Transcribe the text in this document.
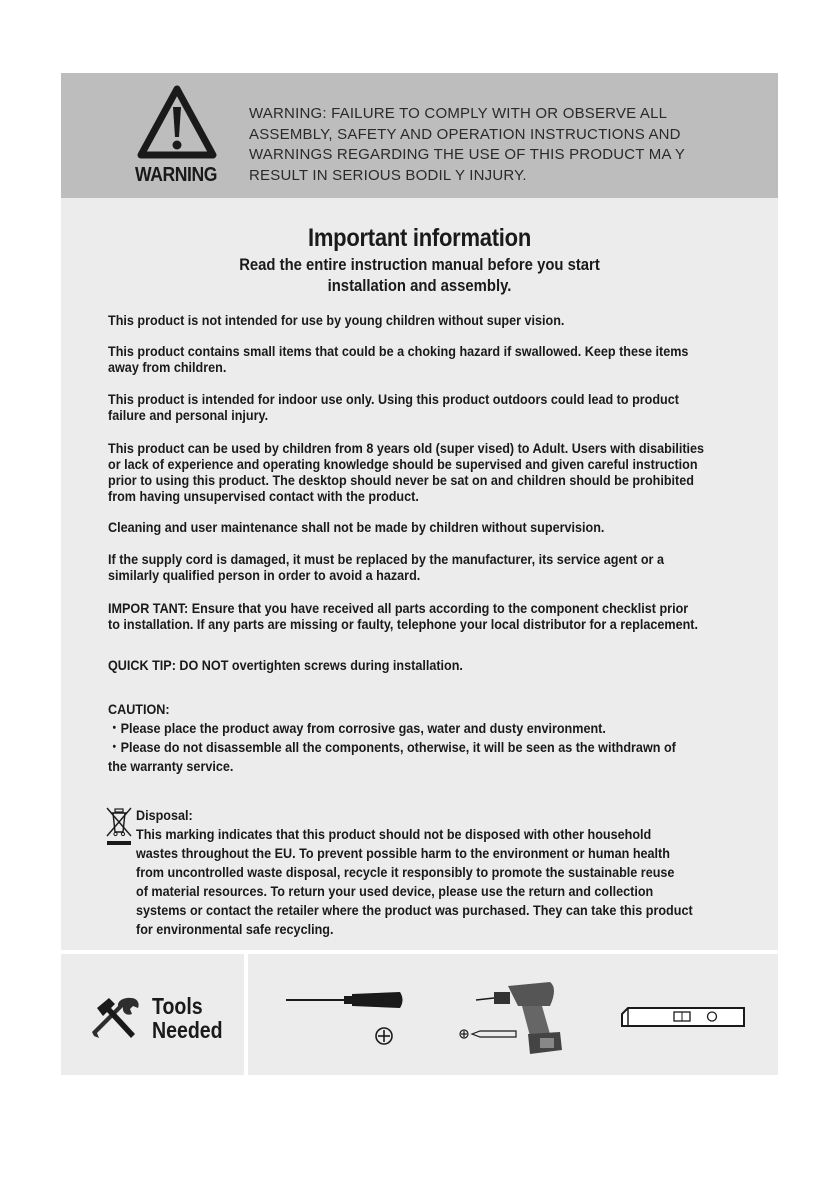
WARNING
WARNING: FAILURE TO COMPLY WITH OR OBSERVE ALL
ASSEMBLY, SAFETY AND OPERATION INSTRUCTIONS AND
WARNINGS REGARDING THE USE OF THIS PRODUCT MA Y
RESULT IN SERIOUS BODIL Y INJURY.
Important information
Read the entire instruction manual before you start
installation and assembly.
This product is not intended for use by young children without super vision.
This product contains small items that could be a choking hazard if swallowed. Keep these items
away from children.
This product is intended for indoor use only. Using this product outdoors could lead to product
failure and personal injury.
This product can be used by children from 8 years old (super vised) to Adult. Users with disabilities
or lack of experience and operating knowledge should be supervised and given careful instruction
prior to using this product. The desktop should never be sat on and children should be prohibited
from having unsupervised contact with the product.
Cleaning and user maintenance shall not be made by children without supervision.
If the supply cord is damaged, it must be replaced by the manufacturer, its service agent or a
similarly qualified person in order to avoid a hazard.
IMPOR TANT: Ensure that you have received all parts according to the component checklist prior
to installation. If any parts are missing or faulty, telephone your local distributor for a replacement.
QUICK TIP: DO NOT overtighten screws during installation.
CAUTION:
・Please place the product away from corrosive gas, water and dusty environment.
・Please do not disassemble all the components, otherwise, it will be seen as the withdrawn of
the warranty service.
Disposal:
This marking indicates that this product should not be disposed with other household
wastes throughout the EU. To prevent possible harm to the environment or human health
from uncontrolled waste disposal, recycle it responsibly to promote the sustainable reuse
of material resources. To return your used device, please use the return and collection
systems or contact the retailer where the product was purchased. They can take this product
for environmental safe recycling.
Tools
Needed
